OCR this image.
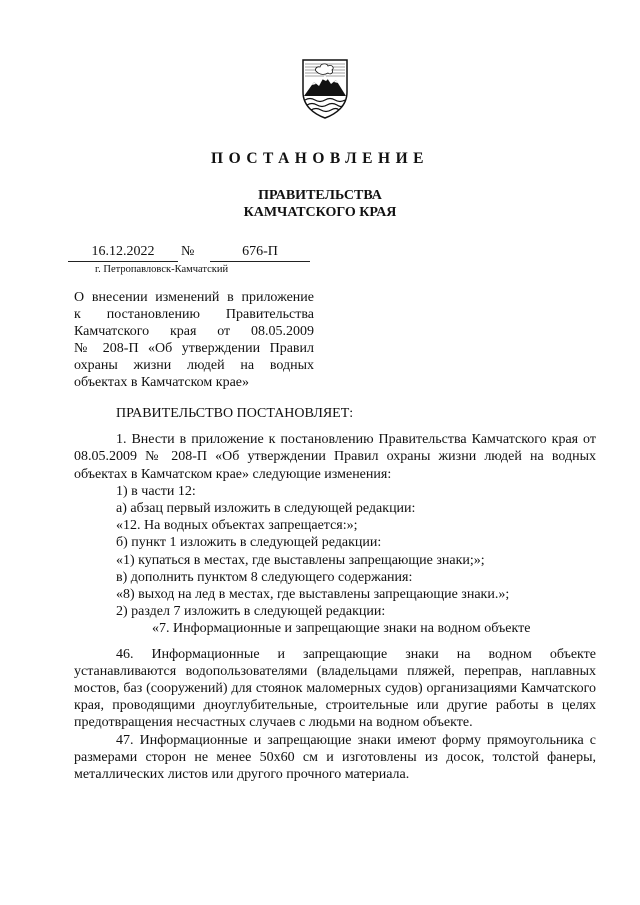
ПОСТАНОВЛЕНИЕ
ПРАВИТЕЛЬСТВА
КАМЧАТСКОГО КРАЯ
16.12.2022	№	676-П
г. Петропавловск-Камчатский
О внесении изменений в приложение
к постановлению Правительства
Камчатского края от 08.05.2009
№ 208-П «Об утверждении Правил
охраны жизни людей на водных
объектах в Камчатском крае»

ПРАВИТЕЛЬСТВО ПОСТАНОВЛЯЕТ:

1. Внести в приложение к постановлению Правительства Камчатского края от 08.05.2009 № 208-П «Об утверждении Правил охраны жизни людей на водных объектах в Камчатском крае» следующие изменения:

1) в части 12:

а) абзац первый изложить в следующей редакции:

«12. На водных объектах запрещается:»;

б) пункт 1 изложить в следующей редакции:

«1) купаться в местах, где выставлены запрещающие знаки;»;

в) дополнить пунктом 8 следующего содержания:

«8) выход на лед в местах, где выставлены запрещающие знаки.»;

2) раздел 7 изложить в следующей редакции:

«7. Информационные и запрещающие знаки на водном объекте

46. Информационные и запрещающие знаки на водном объекте устанавливаются водопользователями (владельцами пляжей, переправ, наплавных мостов, баз (сооружений) для стоянок маломерных судов) организациями Камчатского края, проводящими дноуглубительные, строительные или другие работы в целях предотвращения несчастных случаев с людьми на водном объекте.

47. Информационные и запрещающие знаки имеют форму прямоугольника с размерами сторон не менее 50х60 см и изготовлены из досок, толстой фанеры, металлических листов или другого прочного материала.
